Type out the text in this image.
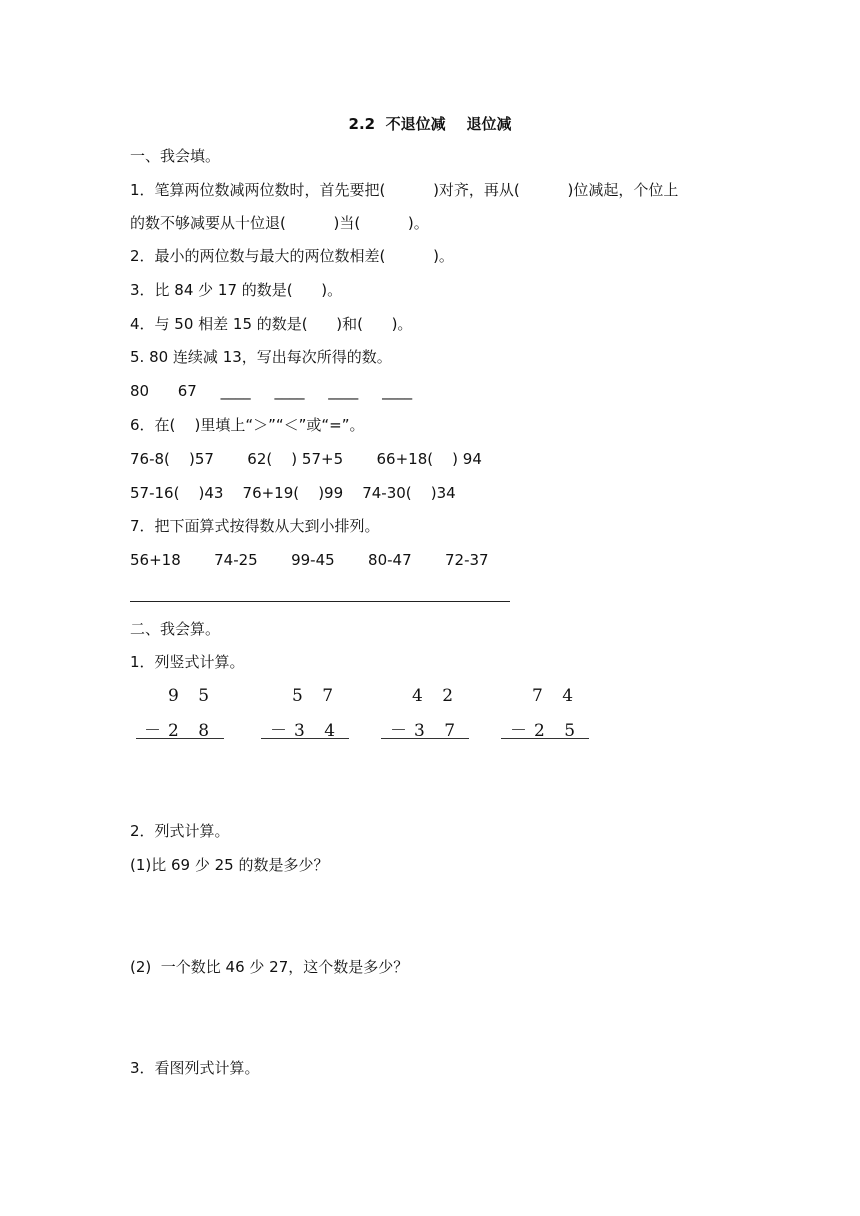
2.2  不退位减    退位减
一、我会填。
1．笔算两位数减两位数时，首先要把(          )对齐，再从(          )位减起，个位上
的数不够减要从十位退(          )当(          )。
2．最小的两位数与最大的两位数相差(          )。
3．比 84 少 17 的数是(      )。
4．与 50 相差 15 的数是(      )和(      )。
5. 80 连续减 13，写出每次所得的数。
80      67     ____     ____     ____     ____
6．在(    )里填上“＞”“＜”或“=”。
76-8(    )57       62(    ) 57+5       66+18(    ) 94
57-16(    )43    76+19(    )99    74-30(    )34
7．把下面算式按得数从大到小排列。
56+18       74-25       99-45       80-47       72-37
二、我会算。
1．列竖式计算。
9 5
－2 8
5 7
－3 4
4 2
－3 7
7 4
－2 5
2．列式计算。
(1)比 69 少 25 的数是多少？
(2)  一个数比 46 少 27，这个数是多少？
3．看图列式计算。
